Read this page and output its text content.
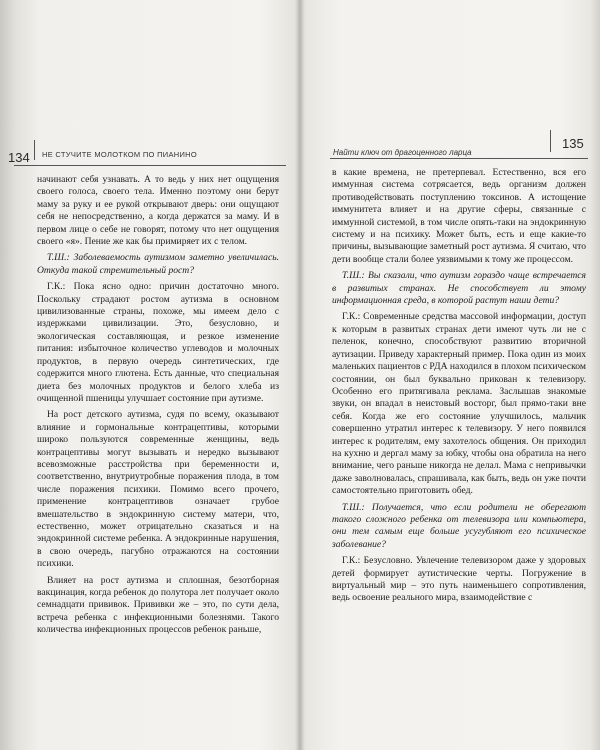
134 НЕ СТУЧИТЕ МОЛОТКОМ ПО ПИАНИНО

начинают себя узнавать. А то ведь у них нет ощущения своего голоса, своего тела. Именно поэтому они берут маму за руку и ее рукой открывают дверь: они ощущают себя не непосредственно, а когда держатся за маму. И в первом лице о себе не говорят, потому что нет ощущения своего «я». Пение же как бы примиряет их с телом.

Т.Ш.: Заболеваемость аутизмом заметно увеличилась. Откуда такой стремительный рост?

Г.К.: Пока ясно одно: причин достаточно много. Поскольку страдают ростом аутизма в основном цивилизованные страны, похоже, мы имеем дело с издержками цивилизации. Это, безусловно, и экологическая составляющая, и резкое изменение питания: избыточное количество углеводов и молочных продуктов, в первую очередь синтетических, где содержится много глютена. Есть данные, что специальная диета без молочных продуктов и белого хлеба из очищенной пшеницы улучшает состояние при аутизме.

На рост детского аутизма, судя по всему, оказывают влияние и гормональные контрацептивы, которыми широко пользуются современные женщины, ведь контрацептивы могут вызывать и нередко вызывают всевозможные расстройства при беременности и, соответственно, внутриутробные поражения плода, в том числе поражения психики. Помимо всего прочего, применение контрацептивов означает грубое вмешательство в эндокринную систему матери, что, естественно, может отрицательно сказаться и на эндокринной системе ребенка. А эндокринные нарушения, в свою очередь, пагубно отражаются на состоянии психики.

Влияет на рост аутизма и сплошная, безотборная вакцинация, когда ребенок до полутора лет получает около семнадцати прививок. Прививки же – это, по сути дела, встреча ребенка с инфекционными болезнями. Такого количества инфекционных процессов ребенок раньше,

Найти ключ от драгоценного ларца
135

в какие времена, не претерпевал. Естественно, вся его иммунная система сотрясается, ведь организм должен противодействовать поступлению токсинов. А истощение иммунитета влияет и на другие сферы, связанные с иммунной системой, в том числе опять-таки на эндокринную систему и на психику. Может быть, есть и еще какие-то причины, вызывающие заметный рост аутизма. Я считаю, что дети вообще стали более уязвимыми к тому же процессом.

Т.Ш.: Вы сказали, что аутизм гораздо чаще встречается в развитых странах. Не способствует ли этому информационная среда, в которой растут наши дети?

Г.К.: Современные средства массовой информации, доступ к которым в развитых странах дети имеют чуть ли не с пеленок, конечно, способствуют развитию вторичной аутизации. Приведу характерный пример. Пока один из моих маленьких пациентов с РДА находился в плохом психическом состоянии, он был буквально прикован к телевизору. Особенно его притягивала реклама. Заслышав знакомые звуки, он впадал в неистовый восторг, был прямо-таки вне себя. Когда же его состояние улучшилось, мальчик совершенно утратил интерес к телевизору. У него появился интерес к родителям, ему захотелось общения. Он приходил на кухню и дергал маму за юбку, чтобы она обратила на него внимание, чего раньше никогда не делал. Мама с непривычки даже заволновалась, спрашивала, как быть, ведь он уже почти самостоятельно приготовить обед.

Т.Ш.: Получается, что если родители не оберегают такого сложного ребенка от телевизора или компьютера, они тем самым еще больше усугубляют его психическое заболевание?

Г.К.: Безусловно. Увлечение телевизором даже у здоровых детей формирует аутистические черты. Погружение в виртуальный мир – это путь наименьшего сопротивления, ведь освоение реального мира, взаимодействие с
